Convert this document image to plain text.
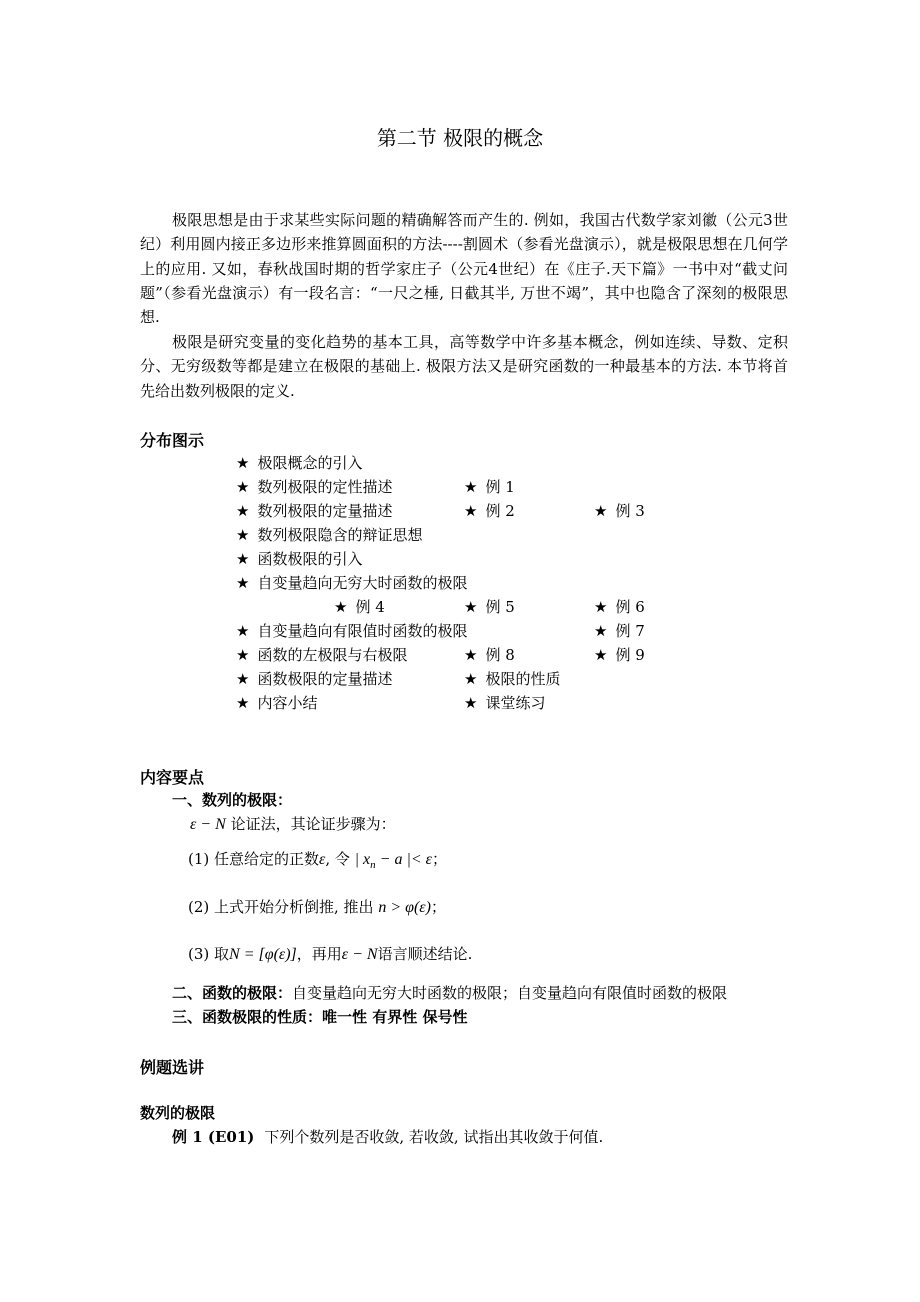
第二节 极限的概念
极限思想是由于求某些实际问题的精确解答而产生的. 例如，我国古代数学家刘徽（公元3世纪）利用圆内接正多边形来推算圆面积的方法----割圆术（参看光盘演示），就是极限思想在几何学上的应用. 又如，春秋战国时期的哲学家庄子（公元4世纪）在《庄子.天下篇》一书中对“截丈问题”（参看光盘演示）有一段名言：“一尺之棰, 日截其半, 万世不竭”，其中也隐含了深刻的极限思想.
极限是研究变量的变化趋势的基本工具，高等数学中许多基本概念，例如连续、导数、定积分、无穷级数等都是建立在极限的基础上. 极限方法又是研究函数的一种最基本的方法. 本节将首先给出数列极限的定义.
分布图示
★ 极限概念的引入
★ 数列极限的定性描述	★ 例 1
★ 数列极限的定量描述	★ 例 2	★ 例 3
★ 数列极限隐含的辩证思想
★ 函数极限的引入
★ 自变量趋向无穷大时函数的极限
★ 例 4	★ 例 5	★ 例 6
★ 自变量趋向有限值时函数的极限	★ 例 7
★ 函数的左极限与右极限	★ 例 8	★ 例 9
★ 函数极限的定量描述	★ 极限的性质
★ 内容小结	★ 课堂练习
内容要点
一、数列的极限：
ε − N 论证法，其论证步骤为：
(1) 任意给定的正数ε, 令 | $x_n - a$ |< ε；
(2) 上式开始分析倒推, 推出 n > φ(ε)；
(3) 取N = [φ(ε)]，再用ε − N语言顺述结论.
二、函数的极限：自变量趋向无穷大时函数的极限；自变量趋向有限值时函数的极限
三、函数极限的性质：唯一性 有界性 保号性
例题选讲
数列的极限
例 1 (E01) 下列个数列是否收敛, 若收敛, 试指出其收敛于何值.
